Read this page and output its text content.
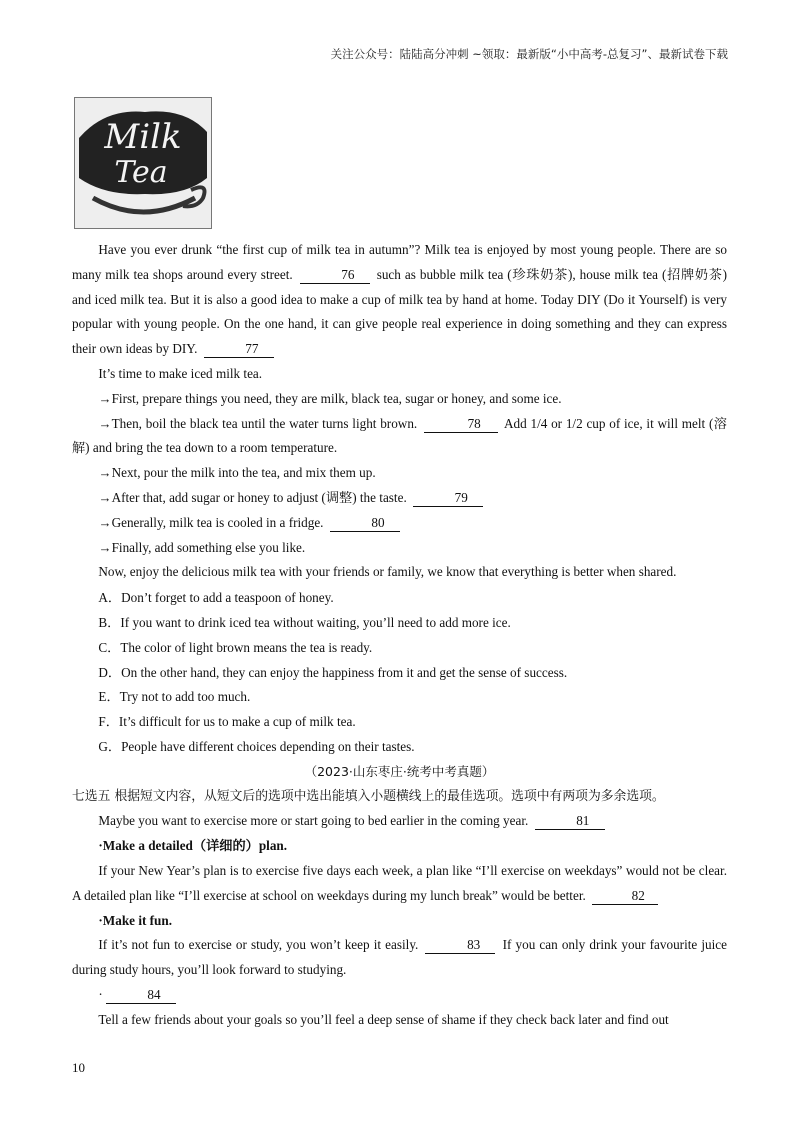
关注公众号：陆陆高分冲刺 ~领取：最新版“小中高考-总复习”、最新试卷下载
Milk
Tea

Have you ever drunk “the first cup of milk tea in autumn”? Milk tea is enjoyed by most young people. There are so many milk tea shops around every street.	76 such as bubble milk tea (珍珠奶茶), house milk tea (招牌奶茶) and iced milk tea. But it is also a good idea to make a cup of milk tea by hand at home. Today DIY (Do it Yourself) is very popular with young people. On the one hand, it can give people real experience in doing something and they can express their own ideas by DIY.	77

It’s time to make iced milk tea.

→First, prepare things you need, they are milk, black tea, sugar or honey, and some ice.

→Then, boil the black tea until the water turns light brown.	78 Add 1/4 or 1/2 cup of ice, it will melt (溶解) and bring the tea down to a room temperature.

→Next, pour the milk into the tea, and mix them up.

→After that, add sugar or honey to adjust (调整) the taste.	79

→Generally, milk tea is cooled in a fridge.	80

→Finally, add something else you like.

Now, enjoy the delicious milk tea with your friends or family, we know that everything is better when shared.

A．Don’t forget to add a teaspoon of honey.

B．If you want to drink iced tea without waiting, you’ll need to add more ice.

C．The color of light brown means the tea is ready.

D．On the other hand, they can enjoy the happiness from it and get the sense of success.

E．Try not to add too much.

F．It’s difficult for us to make a cup of milk tea.

G．People have different choices depending on their tastes.

（2023·山东枣庄·统考中考真题）

七选五 根据短文内容，从短文后的选项中选出能填入小题横线上的最佳选项。选项中有两项为多余选项。

Maybe you want to exercise more or start going to bed earlier in the coming year.	81

·Make a detailed（详细的）plan.

If your New Year’s plan is to exercise five days each week, a plan like “I’ll exercise on weekdays” would not be clear. A detailed plan like “I’ll exercise at school on weekdays during my lunch break” would be better.	82

·Make it fun.

If it’s not fun to exercise or study, you won’t keep it easily.	83 If you can only drink your favourite juice during study hours, you’ll look forward to studying.

·	84

Tell a few friends about your goals so you’ll feel a deep sense of shame if they check back later and find out

10
